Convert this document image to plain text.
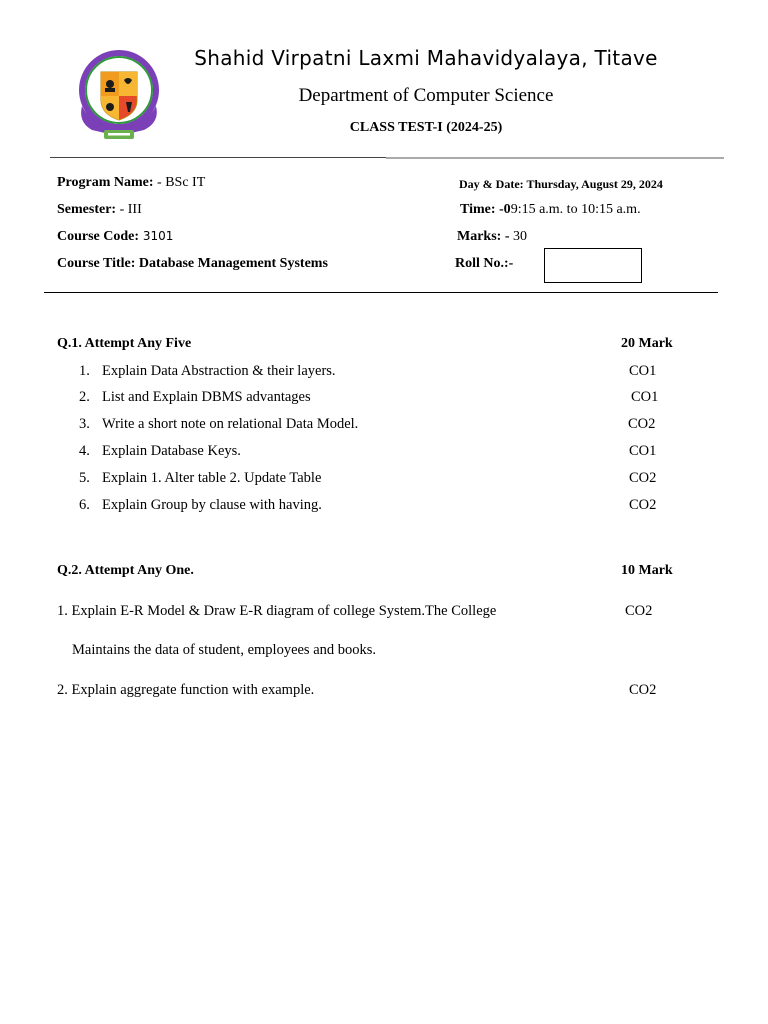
Shahid Virpatni Laxmi Mahavidyalaya, Titave
Department of Computer Science
CLASS TEST-I (2024-25)
Program Name: - BSc IT
Semester: - III
Course Code: 3101
Course Title: Database Management Systems
Day & Date: Thursday, August 29, 2024
Time: -09:15 a.m. to 10:15 a.m.
Marks: - 30
Roll No.:-
Q.1. Attempt Any Five	20 Mark
1. Explain Data Abstraction & their layers.	CO1
2. List and Explain DBMS advantages	CO1
3. Write a short note on relational Data Model.	CO2
4. Explain Database Keys.	CO1
5. Explain 1. Alter table 2. Update Table	CO2
6. Explain Group by clause with having.	CO2
Q.2. Attempt Any One.	10 Mark
1. Explain E-R Model & Draw E-R diagram of college System.The College	CO2
Maintains the data of student, employees and books.
2. Explain aggregate function with example.	CO2
